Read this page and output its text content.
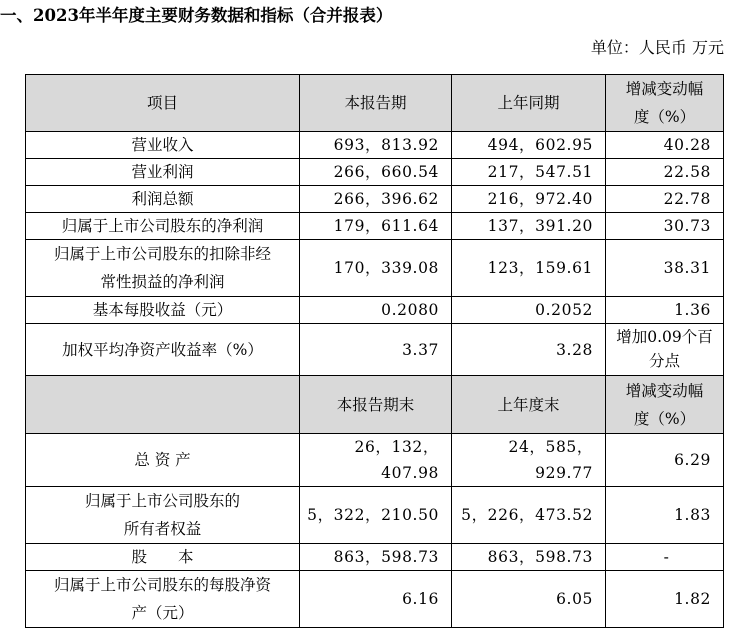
一、2023年半年度主要财务数据和指标（合并报表）
单位：人民币 万元
项目	本报告期	上年同期	增减变动幅度（%）
营业收入	693，813.92	494，602.95	40.28
营业利润	266，660.54	217，547.51	22.58
利润总额	266，396.62	216，972.40	22.78
归属于上市公司股东的净利润	179，611.64	137，391.20	30.73
归属于上市公司股东的扣除非经常性损益的净利润	170，339.08	123，159.61	38.31
基本每股收益（元）	0.2080	0.2052	1.36
加权平均净资产收益率（%）	3.37	3.28	增加0.09个百分点
	本报告期末	上年度末	增减变动幅度（%）
总 资 产	26，132，407.98	24，585，929.77	6.29
归属于上市公司股东的所有者权益	5，322，210.50	5，226，473.52	1.83
股　　本	863，598.73	863，598.73	-
归属于上市公司股东的每股净资产（元）	6.16	6.05	1.82
